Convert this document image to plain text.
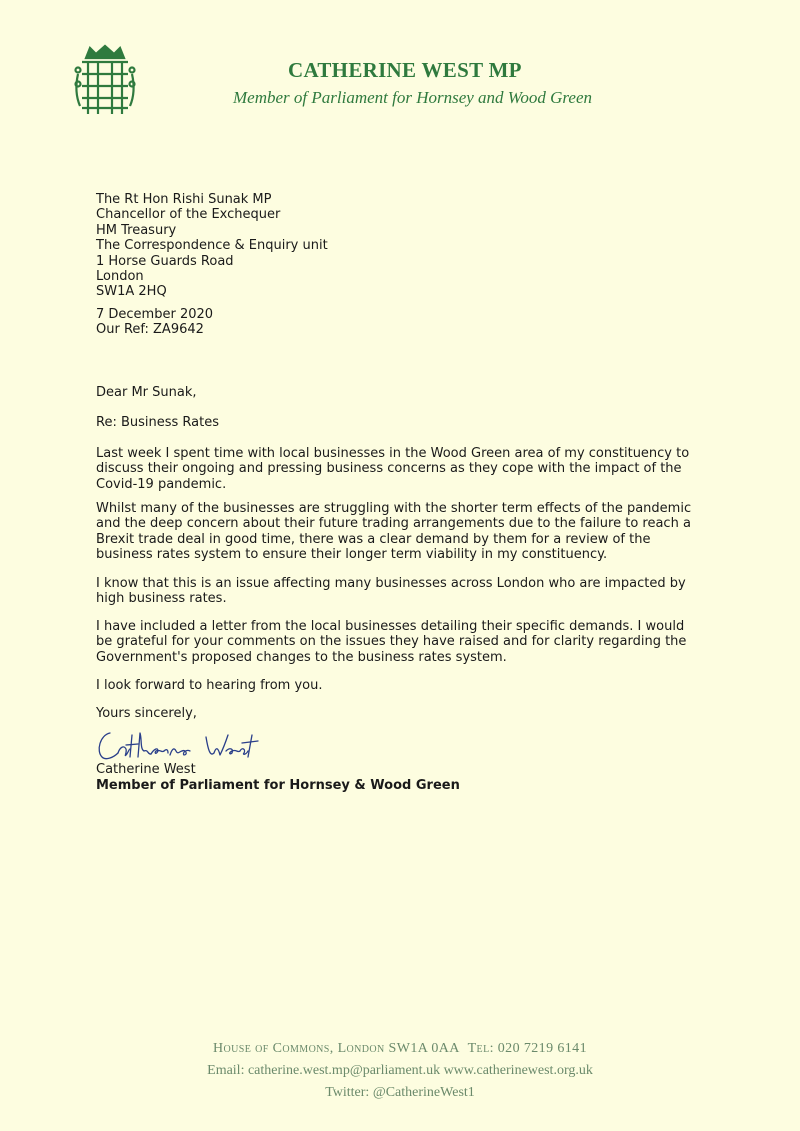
CATHERINE WEST MP
Member of Parliament for Hornsey and Wood Green
The Rt Hon Rishi Sunak MP
Chancellor of the Exchequer
HM Treasury
The Correspondence & Enquiry unit
1 Horse Guards Road
London
SW1A 2HQ
7 December 2020
Our Ref: ZA9642

Dear Mr Sunak,

Re: Business Rates

Last week I spent time with local businesses in the Wood Green area of my constituency to discuss their ongoing and pressing business concerns as they cope with the impact of the Covid-19 pandemic.

Whilst many of the businesses are struggling with the shorter term effects of the pandemic and the deep concern about their future trading arrangements due to the failure to reach a Brexit trade deal in good time, there was a clear demand by them for a review of the business rates system to ensure their longer term viability in my constituency.

I know that this is an issue affecting many businesses across London who are impacted by high business rates.

I have included a letter from the local businesses detailing their specific demands. I would be grateful for your comments on the issues they have raised and for clarity regarding the Government's proposed changes to the business rates system.

I look forward to hearing from you.

Yours sincerely,

Catherine West

Member of Parliament for Hornsey & Wood Green

House of Commons, London SW1A 0AA Tel: 020 7219 6141
Email: catherine.west.mp@parliament.uk www.catherinewest.org.uk
Twitter: @CatherineWest1
